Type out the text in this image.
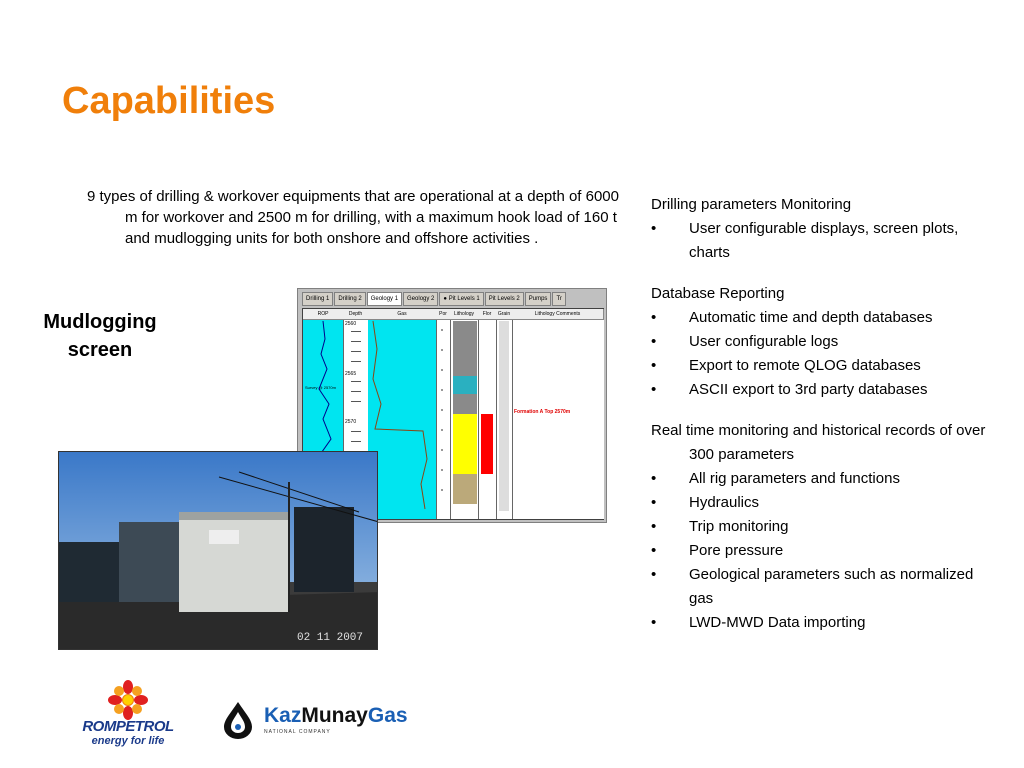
Capabilities
9 types of drilling & workover equipments that are operational at a depth of 6000 m for workover and 2500 m for drilling, with a maximum hook load of 160 t and mudlogging units for both onshore and offshore activities .
Mudlogging
screen
Drilling 1	Drilling 2	Geology 1	Geology 2	● Pit Levels 1	Pit Levels 2	Pumps	Tr
ROP	Depth	Gas	Por	Lithology	Flor	Grain	Lithology Comments
2560
2565
2570
Survey @ 2570m
Formation A Top 2570m
02 11 2007
Drilling parameters Monitoring
• User configurable displays, screen plots, charts
Database Reporting
• Automatic time and depth databases
• User configurable logs
• Export to remote QLOG databases
• ASCII export to 3rd party databases
Real time monitoring and historical records of over 300 parameters
• All rig parameters and functions
• Hydraulics
• Trip monitoring
• Pore pressure
• Geological parameters such as normalized     gas
• LWD-MWD Data importing
ROMPETROL
energy for life
KazMunayGas
NATIONAL COMPANY
